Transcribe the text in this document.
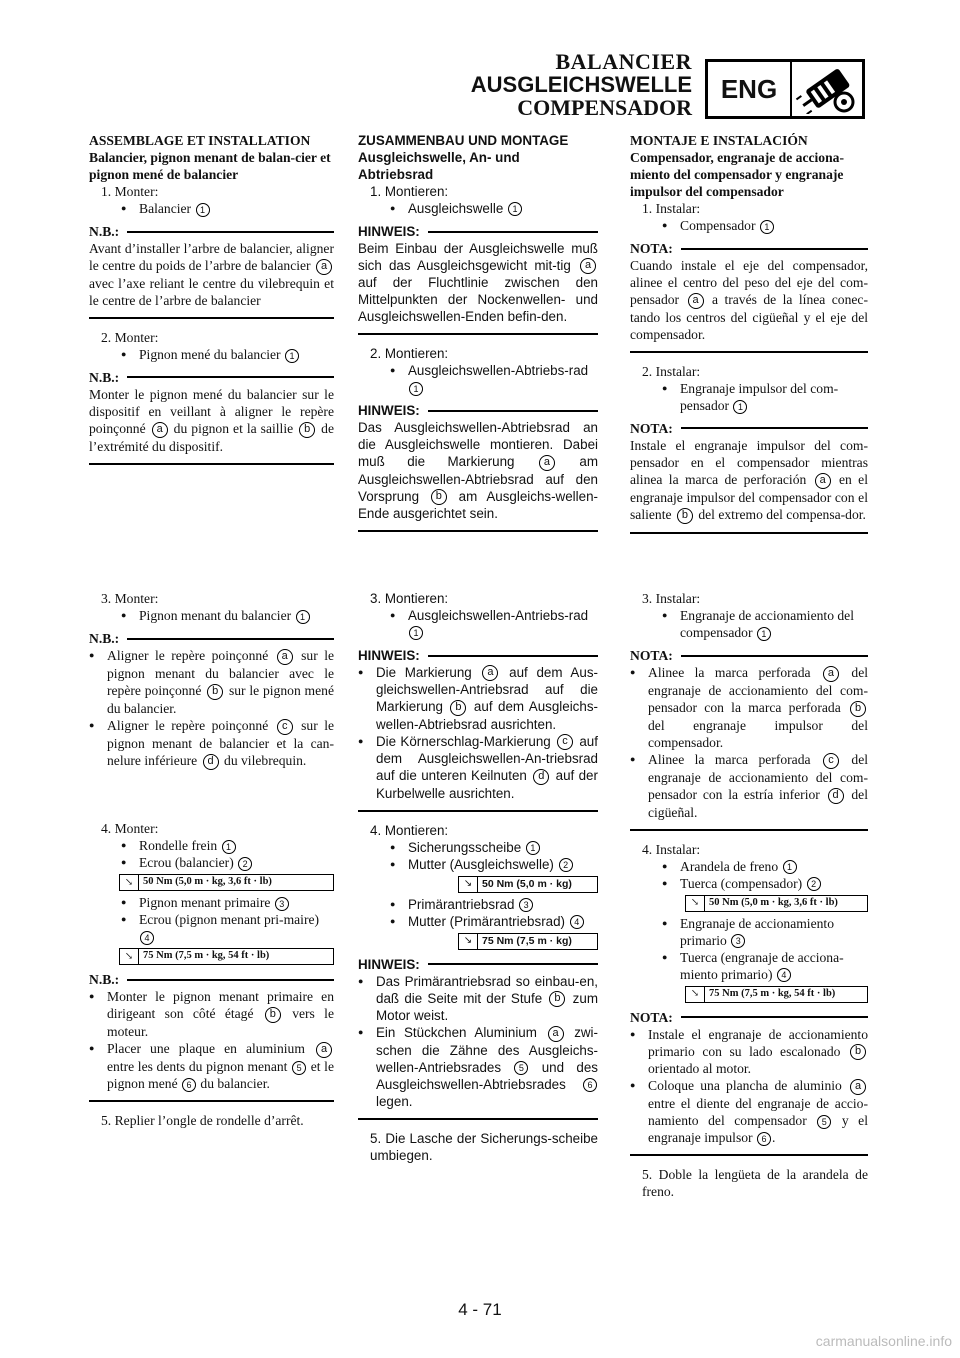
BALANCIER
AUSGLEICHSWELLE
COMPENSADOR
ENG
ASSEMBLAGE ET INSTALLATION
Balancier, pignon menant de balan-cier et pignon mené de balancier
1. Monter:
● Balancier 1
N.B.:
Avant d’installer l’arbre de balancier, aligner le centre du poids de l’arbre de balancier a avec l’axe reliant le centre du vilebrequin et le centre de l’arbre de balancier
2. Monter:
● Pignon mené du balancier 1
N.B.:
Monter le pignon mené du balancier sur le dispositif en veillant à aligner le repère poinçonné a du pignon et la saillie b de l’extrémité du dispositif.
3. Monter:
● Pignon menant du balancier 1
N.B.:
● Aligner le repère poinçonné a sur le pignon menant du balancier avec le repère poinçonné b sur le pignon mené du balancier.
● Aligner le repère poinçonné c sur le pignon menant de balancier et la can-nelure inférieure d du vilebrequin.
4. Monter:
● Rondelle frein 1
● Ecrou (balancier) 2
↘ 50 Nm (5,0 m · kg, 3,6 ft · lb)
● Pignon menant primaire 3
● Ecrou (pignon menant pri-maire) 4
↘ 75 Nm (7,5 m · kg, 54 ft · lb)
N.B.:
● Monter le pignon menant primaire en dirigeant son côté étagé b vers le moteur.
● Placer une plaque en aluminium a entre les dents du pignon menant 5 et le pignon mené 6 du balancier.
5. Replier l’ongle de rondelle d’arrêt.
ZUSAMMENBAU UND MONTAGE
Ausgleichswelle, An- und Abtriebsrad
1. Montieren:
● Ausgleichswelle 1
HINWEIS:
Beim Einbau der Ausgleichswelle muß sich das Ausgleichsgewicht mit-tig a auf der Fluchtlinie zwischen den Mittelpunkten der Nockenwellen- und Ausgleichswellen-Enden befin-den.
2. Montieren:
● Ausgleichswellen-Abtriebs-rad 1
HINWEIS:
Das Ausgleichswellen-Abtriebsrad an die Ausgleichswelle montieren. Dabei muß die Markierung	a am Ausgleichswellen-Abtriebsrad auf den Vorsprung b am Ausgleichs-wellen-Ende ausgerichtet sein.
3. Montieren:
● Ausgleichswellen-Antriebs-rad 1
HINWEIS:
● Die Markierung a auf dem Aus-gleichswellen-Antriebsrad auf die Markierung b auf dem Ausgleichs-wellen-Abtriebsrad ausrichten.
● Die Körnerschlag-Markierung c auf dem Ausgleichswellen-An-triebsrad auf die unteren Keilnuten d auf der Kurbelwelle ausrichten.
4. Montieren:
● Sicherungsscheibe 1
● Mutter (Ausgleichswelle) 2
↘ 50 Nm (5,0 m · kg)
● Primärantriebsrad 3
● Mutter (Primärantriebsrad) 4
↘ 75 Nm (7,5 m · kg)
HINWEIS:
● Das Primärantriebsrad so einbau-en, daß die Seite mit der Stufe b zum Motor weist.
● Ein Stückchen Aluminium a zwi-schen die Zähne des Ausgleichs-wellen-Antriebsrades 5 und des Ausgleichswellen-Abtriebsrades 6 legen.
5. Die Lasche der Sicherungs-scheibe umbiegen.
MONTAJE E INSTALACIÓN
Compensador, engranaje de acciona-miento del compensador y engranaje impulsor del compensador
1. Instalar:
● Compensador 1
NOTA:
Cuando instale el eje del compensador, alinee el centro del peso del eje del com-pensador a a través de la línea conec-tando los centros del cigüeñal y el eje del compensador.
2. Instalar:
● Engranaje impulsor del com-pensador 1
NOTA:
Instale el engranaje impulsor del com-pensador en el compensador mientras alinea la marca de perforación a en el engranaje impulsor del compensador con el saliente b del extremo del compensa-dor.
3. Instalar:
● Engranaje de accionamiento del compensador 1
NOTA:
● Alinee la marca perforada a del engranaje de accionamiento del com-pensador con la marca perforada b del engranaje impulsor del compensador.
● Alinee la marca perforada c del engranaje de accionamiento del com-pensador con la estría inferior d del cigüeñal.
4. Instalar:
● Arandela de freno 1
● Tuerca (compensador) 2
↘ 50 Nm (5,0 m · kg, 3,6 ft · lb)
● Engranaje de accionamiento primario 3
● Tuerca (engranaje de acciona-miento primario) 4
↘ 75 Nm (7,5 m · kg, 54 ft · lb)
NOTA:
● Instale el engranaje de accionamiento primario con su lado escalonado b orientado al motor.
● Coloque una plancha de aluminio a entre el diente del engranaje de accio-namiento del compensador 5 y el engranaje impulsor 6 .
5. Doble la lengüeta de la arandela de freno.
4 - 71
carmanualsonline.info
